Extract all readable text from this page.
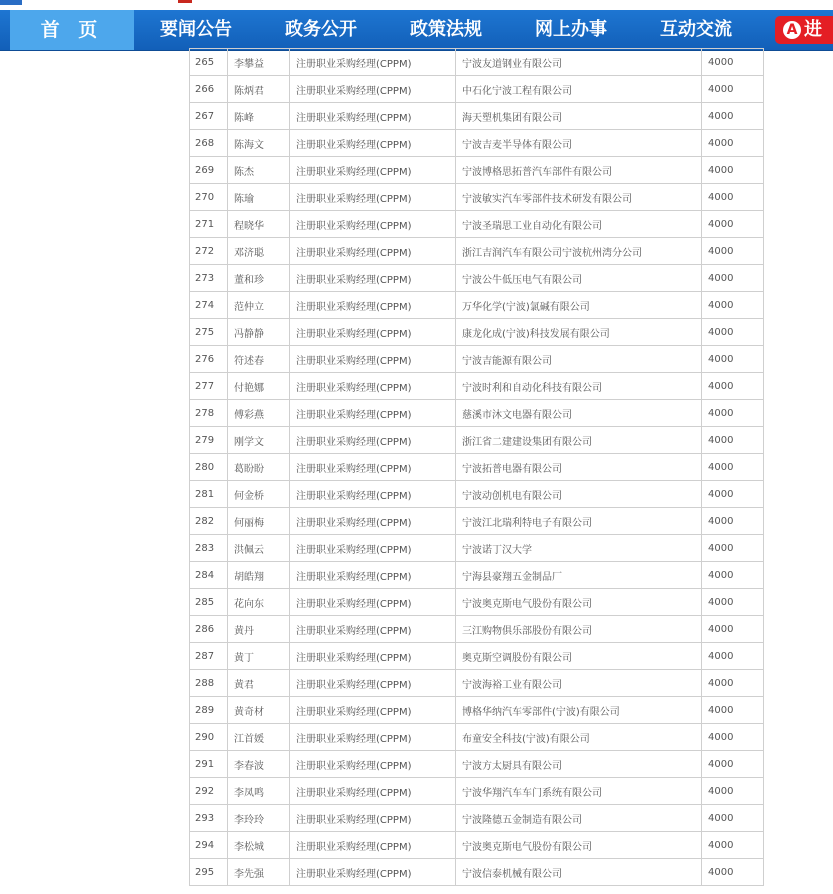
首 页	要闻公告	政务公开	政策法规	网上办事	互动交流	A 进
265	李攀益	注册职业采购经理(CPPM)	宁波友道钢业有限公司	4000
266	陈炳君	注册职业采购经理(CPPM)	中石化宁波工程有限公司	4000
267	陈峰	注册职业采购经理(CPPM)	海天塑机集团有限公司	4000
268	陈海文	注册职业采购经理(CPPM)	宁波吉麦半导体有限公司	4000
269	陈杰	注册职业采购经理(CPPM)	宁波博格思拓普汽车部件有限公司	4000
270	陈瑜	注册职业采购经理(CPPM)	宁波敏实汽车零部件技术研发有限公司	4000
271	程晓华	注册职业采购经理(CPPM)	宁波圣瑞思工业自动化有限公司	4000
272	邓济聪	注册职业采购经理(CPPM)	浙江吉润汽车有限公司宁波杭州湾分公司	4000
273	董和珍	注册职业采购经理(CPPM)	宁波公牛低压电气有限公司	4000
274	范仲立	注册职业采购经理(CPPM)	万华化学(宁波)氯碱有限公司	4000
275	冯静静	注册职业采购经理(CPPM)	康龙化成(宁波)科技发展有限公司	4000
276	符述春	注册职业采购经理(CPPM)	宁波吉能源有限公司	4000
277	付艳娜	注册职业采购经理(CPPM)	宁波时利和自动化科技有限公司	4000
278	傅彩燕	注册职业采购经理(CPPM)	慈溪市沐文电器有限公司	4000
279	刚学文	注册职业采购经理(CPPM)	浙江省二建建设集团有限公司	4000
280	葛盼盼	注册职业采购经理(CPPM)	宁波拓普电器有限公司	4000
281	何金桥	注册职业采购经理(CPPM)	宁波动创机电有限公司	4000
282	何丽梅	注册职业采购经理(CPPM)	宁波江北瑞利特电子有限公司	4000
283	洪佩云	注册职业采购经理(CPPM)	宁波诺丁汉大学	4000
284	胡皓翔	注册职业采购经理(CPPM)	宁海县豪翔五金制品厂	4000
285	花向东	注册职业采购经理(CPPM)	宁波奥克斯电气股份有限公司	4000
286	黄丹	注册职业采购经理(CPPM)	三江购物俱乐部股份有限公司	4000
287	黄丁	注册职业采购经理(CPPM)	奥克斯空调股份有限公司	4000
288	黄君	注册职业采购经理(CPPM)	宁波海裕工业有限公司	4000
289	黄奇材	注册职业采购经理(CPPM)	博格华纳汽车零部件(宁波)有限公司	4000
290	江首媛	注册职业采购经理(CPPM)	布童安全科技(宁波)有限公司	4000
291	李春波	注册职业采购经理(CPPM)	宁波方太厨具有限公司	4000
292	李凤鸣	注册职业采购经理(CPPM)	宁波华翔汽车车门系统有限公司	4000
293	李玲玲	注册职业采购经理(CPPM)	宁波隆德五金制造有限公司	4000
294	李松城	注册职业采购经理(CPPM)	宁波奥克斯电气股份有限公司	4000
295	李先强	注册职业采购经理(CPPM)	宁波信泰机械有限公司	4000
